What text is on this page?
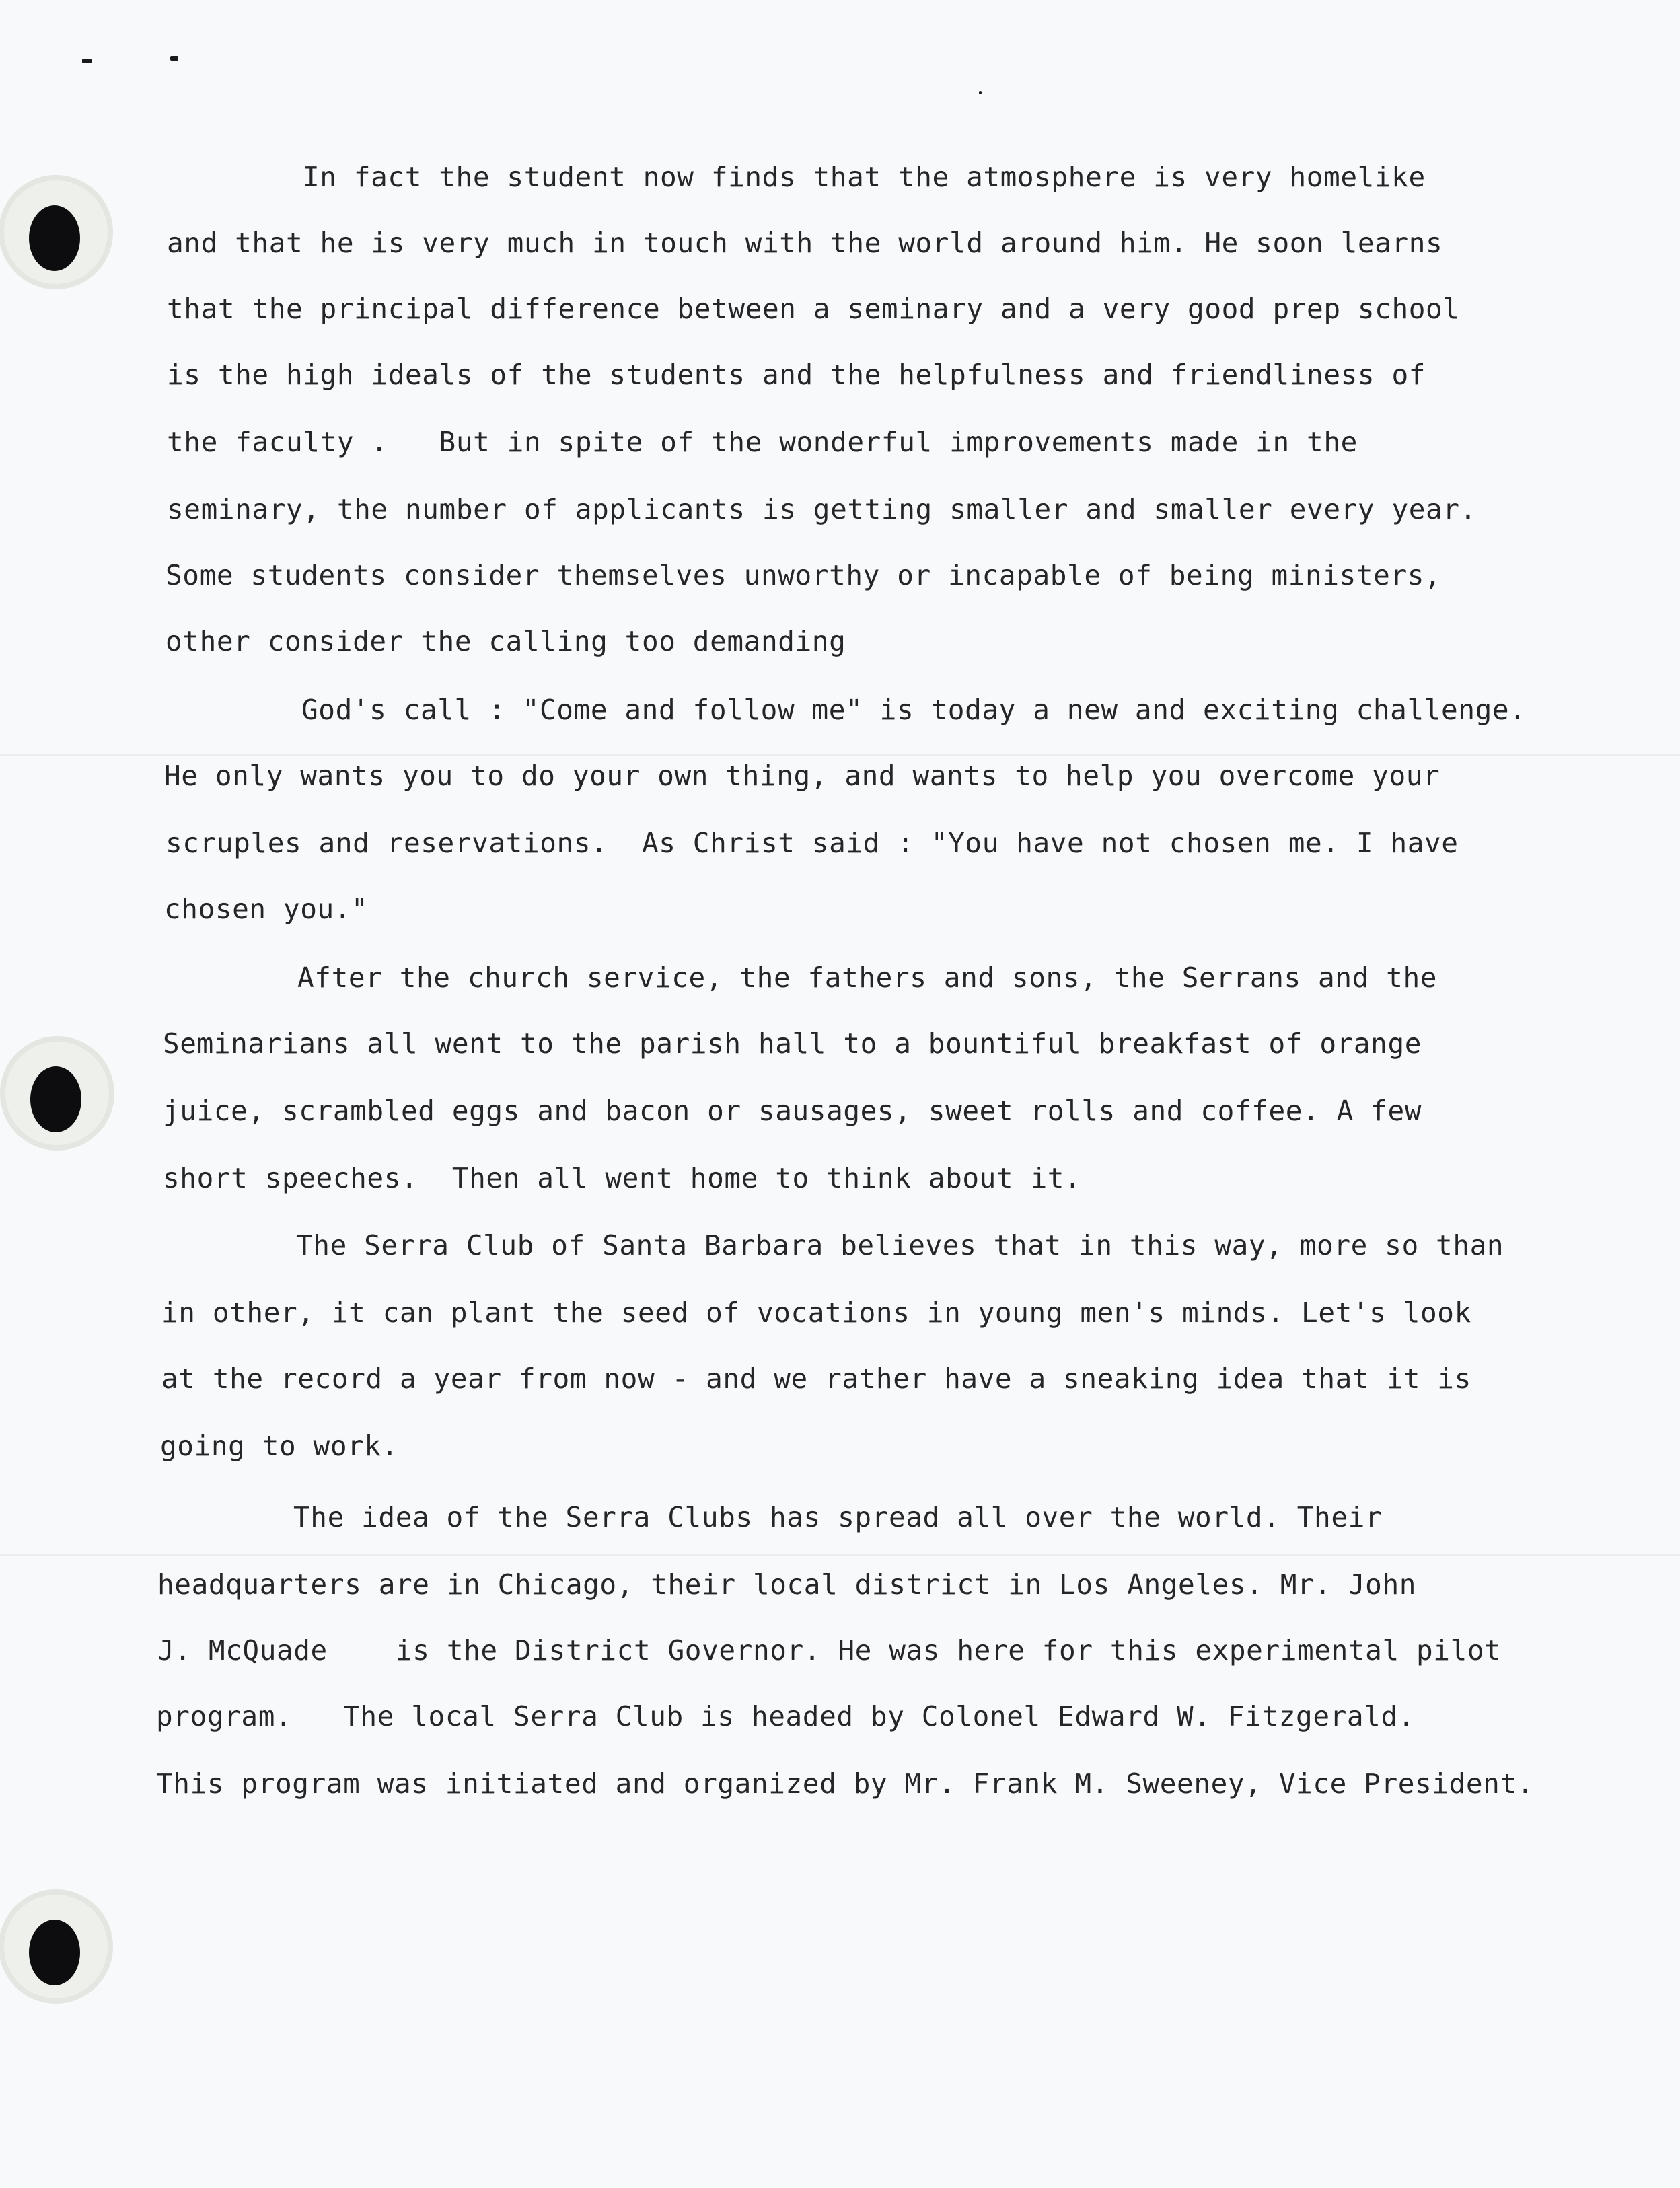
In fact the student now finds that the atmosphere is very homelike
and that he is very much in touch with the world around him. He soon learns
that the principal difference between a seminary and a very good prep school
is the high ideals of the students and the helpfulness and friendliness of
the faculty .   But in spite of the wonderful improvements made in the
seminary, the number of applicants is getting smaller and smaller every year.
Some students consider themselves unworthy or incapable of being ministers,
other consider the calling too demanding
God's call : "Come and follow me" is today a new and exciting challenge.
He only wants you to do your own thing, and wants to help you overcome your
scruples and reservations.  As Christ said : "You have not chosen me. I have
chosen you."
After the church service, the fathers and sons, the Serrans and the
Seminarians all went to the parish hall to a bountiful breakfast of orange
juice, scrambled eggs and bacon or sausages, sweet rolls and coffee. A few
short speeches.  Then all went home to think about it.
The Serra Club of Santa Barbara believes that in this way, more so than
in other, it can plant the seed of vocations in young men's minds. Let's look
at the record a year from now - and we rather have a sneaking idea that it is
going to work.
The idea of the Serra Clubs has spread all over the world. Their
headquarters are in Chicago, their local district in Los Angeles. Mr. John
J. McQuade    is the District Governor. He was here for this experimental pilot
program.   The local Serra Club is headed by Colonel Edward W. Fitzgerald.
This program was initiated and organized by Mr. Frank M. Sweeney, Vice President.
